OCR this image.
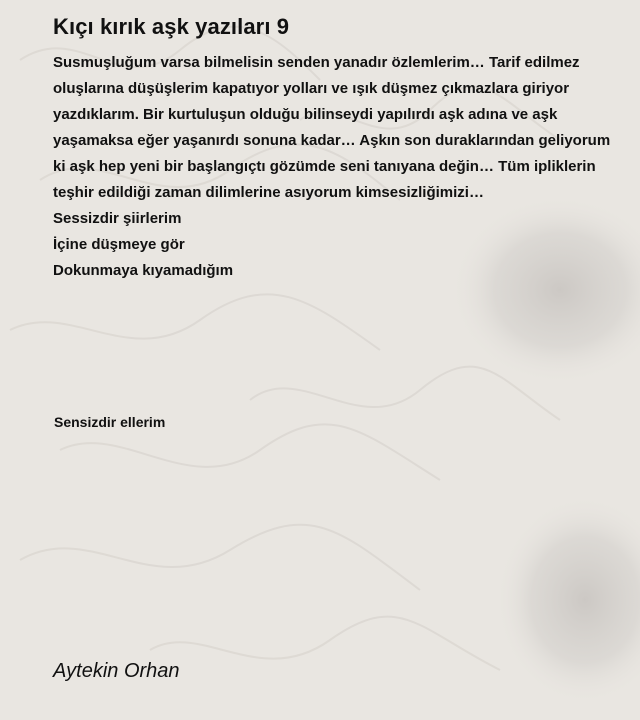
Kıçı kırık aşk yazıları 9

Susmuşluğum varsa bilmelisin senden yanadır özlemlerim… Tarif edilmez oluşlarına düşüşlerim kapatıyor yolları ve ışık düşmez çıkmazlara giriyor yazdıklarım. Bir kurtuluşun olduğu bilinseydi yapılırdı aşk adına ve aşk yaşamaksa eğer yaşanırdı sonuna kadar… Aşkın son duraklarından geliyorum ki aşk hep yeni bir başlangıçtı gözümde seni tanıyana değin… Tüm ipliklerin teşhir edildiği zaman dilimlerine asıyorum kimsesizliğimizi…

Sessizdir şiirlerim
İçine düşmeye gör
Dokunmaya kıyamadığım
Sensizdir ellerim
Aytekin Orhan
